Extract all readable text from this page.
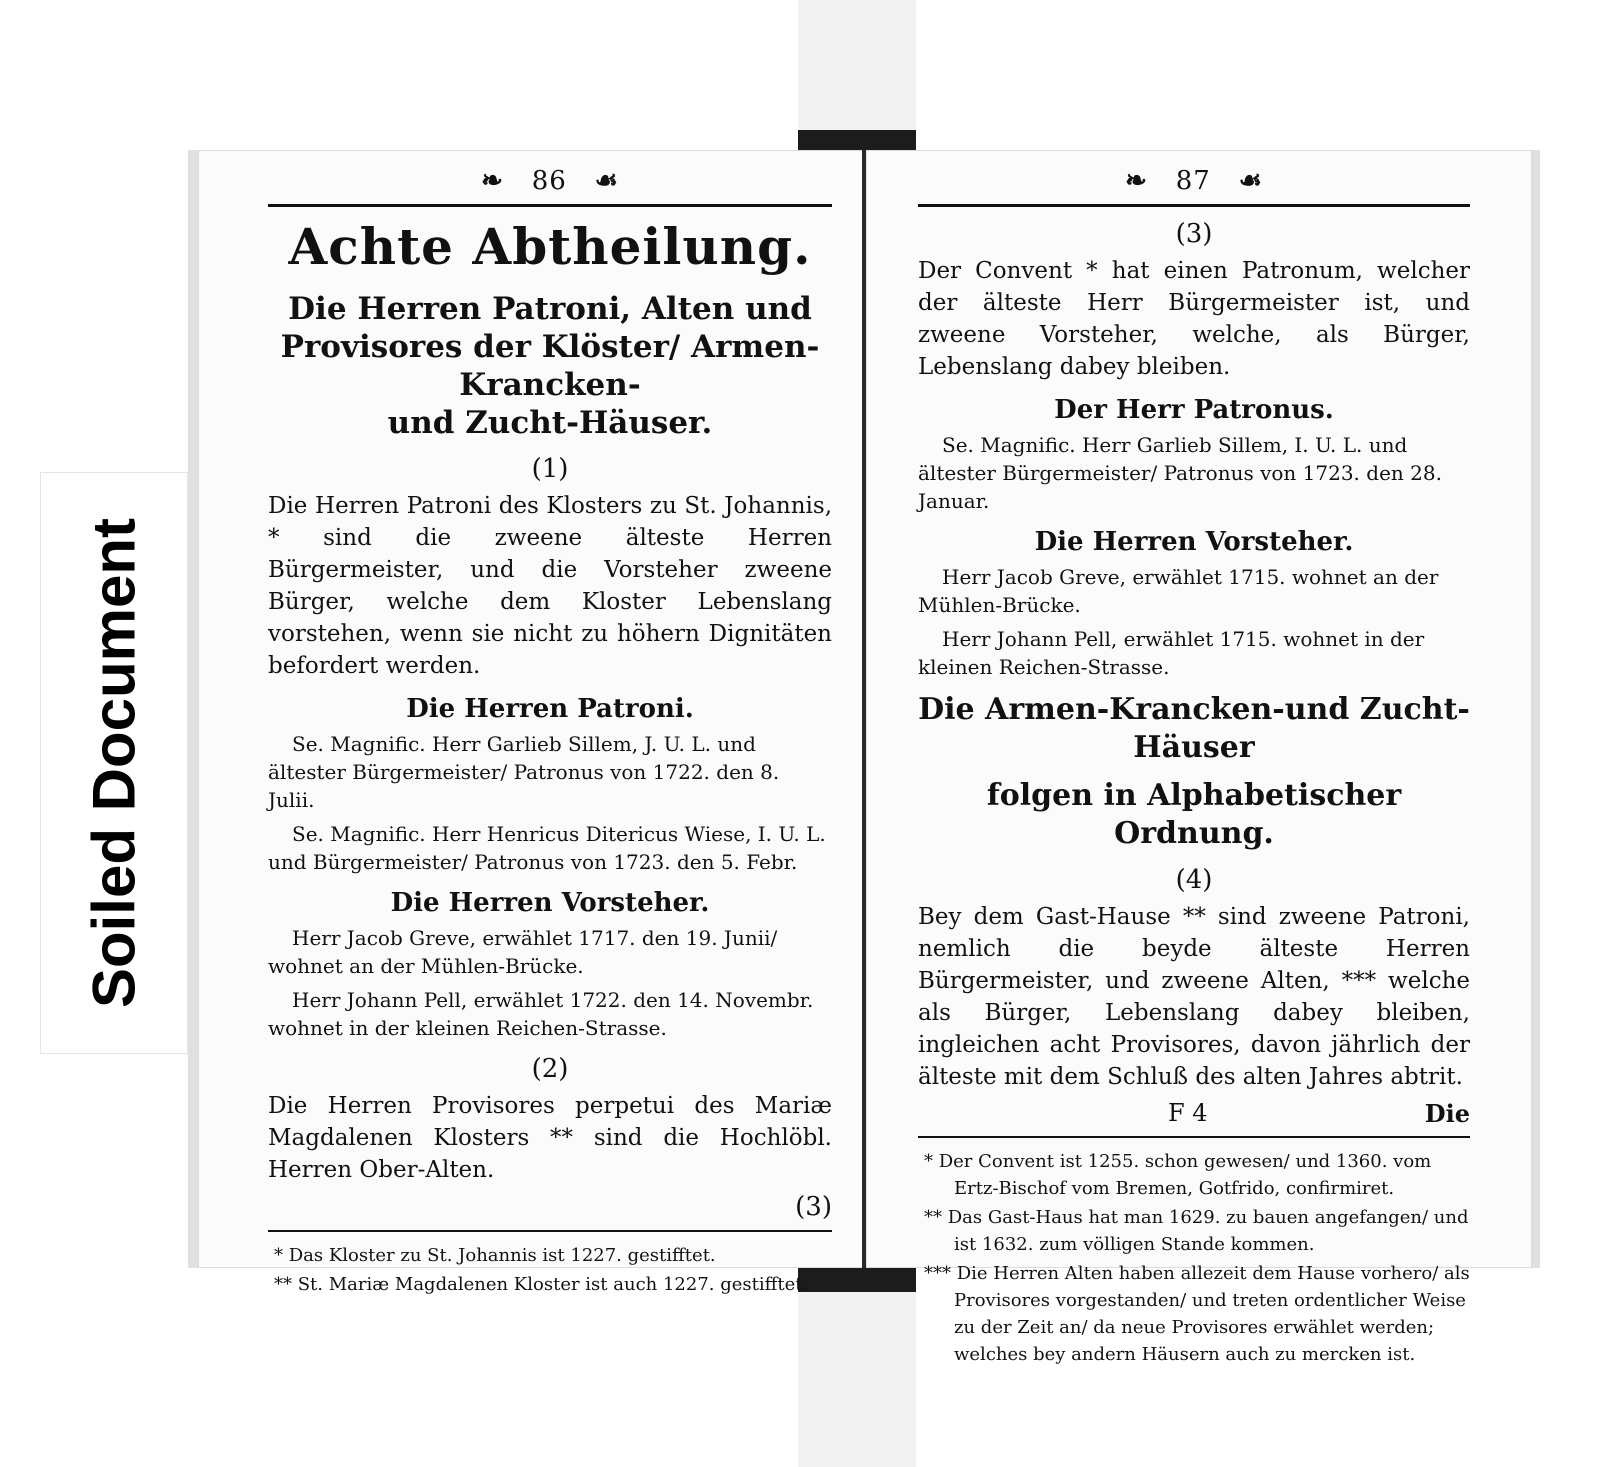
Soiled Document
❧ 86 ☙
Achte Abtheilung.
Die Herren Patroni, Alten und
Provisores der Klöster/ Armen-Krancken-
und Zucht-Häuser.
(1)
Die Herren Patroni des Klosters zu St. Johannis, * sind die zweene älteste Herren Bürgermeister, und die Vorsteher zweene Bürger, welche dem Kloster Lebenslang vorstehen, wenn sie nicht zu höhern Dignitäten befordert werden.
Die Herren Patroni.
Se. Magnific. Herr Garlieb Sillem, J. U. L. und ältester Bürgermeister/ Patronus von 1722. den 8. Julii.
Se. Magnific. Herr Henricus Ditericus Wiese, I. U. L. und Bürgermeister/ Patronus von 1723. den 5. Febr.
Die Herren Vorsteher.
Herr Jacob Greve, erwählet 1717. den 19. Junii/ wohnet an der Mühlen-Brücke.
Herr Johann Pell, erwählet 1722. den 14. Novembr. wohnet in der kleinen Reichen-Strasse.
(2)
Die Herren Provisores perpetui des Mariæ Magdalenen Klosters ** sind die Hochlöbl. Herren Ober-Alten.
(3)
* Das Kloster zu St. Johannis ist 1227. gestifftet.
** St. Mariæ Magdalenen Kloster ist auch 1227. gestifftet.
❧ 87 ☙
(3)
Der Convent * hat einen Patronum, welcher der älteste Herr Bürgermeister ist, und zweene Vorsteher, welche, als Bürger, Lebenslang dabey bleiben.
Der Herr Patronus.
Se. Magnific. Herr Garlieb Sillem, I. U. L. und ältester Bürgermeister/ Patronus von 1723. den 28. Januar.
Die Herren Vorsteher.
Herr Jacob Greve, erwählet 1715. wohnet an der Mühlen-Brücke.
Herr Johann Pell, erwählet 1715. wohnet in der kleinen Reichen-Strasse.
Die Armen-Krancken-und Zucht-Häuser
folgen in Alphabetischer Ordnung.
(4)
Bey dem Gast-Hause ** sind zweene Patroni, nemlich die beyde älteste Herren Bürgermeister, und zweene Alten, *** welche als Bürger, Lebenslang dabey bleiben, ingleichen acht Provisores, davon jährlich der älteste mit dem Schluß des alten Jahres abtrit.
F 4	Die
* Der Convent ist 1255. schon gewesen/ und 1360. vom Ertz-Bischof vom Bremen, Gotfrido, confirmiret.
** Das Gast-Haus hat man 1629. zu bauen angefangen/ und ist 1632. zum völligen Stande kommen.
*** Die Herren Alten haben allezeit dem Hause vorhero/ als Provisores vorgestanden/ und treten ordentlicher Weise zu der Zeit an/ da neue Provisores erwählet werden; welches bey andern Häusern auch zu mercken ist.
